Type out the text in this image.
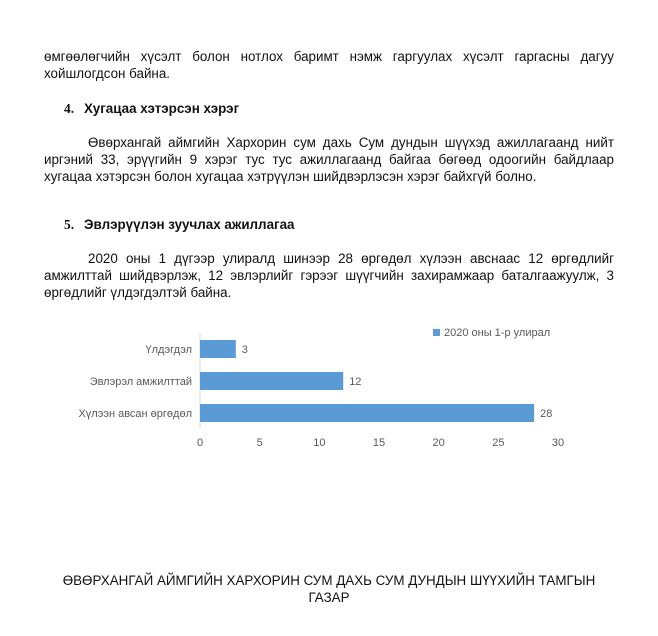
өмгөөлөгчийн хүсэлт болон нотлох баримт нэмж гаргуулах хүсэлт гаргасны дагуу хойшлогдсон байна.

4. Хугацаа хэтэрсэн хэрэг

Өвөрхангай аймгийн Хархорин сум дахь Сум дундын шүүхэд ажиллагаанд нийт иргэний 33, эрүүгийн 9 хэрэг тус тус ажиллагаанд байгаа бөгөөд одоогийн байдлаар хугацаа хэтэрсэн болон хугацаа хэтрүүлэн шийдвэрлэсэн хэрэг байхгүй болно.

5. Эвлэрүүлэн зуучлах ажиллагаа

2020 оны 1 дүгээр улиралд шинээр 28 өргөдөл хүлээн авснаас 12 өргөдлийг амжилттай шийдвэрлэж, 12 эвлэрлийг гэрээг шүүгчийн захирамжаар баталгаажуулж, 3 өргөдлийг үлдэгдэлтэй байна.

Үлдэгдэл	3
Эвлэрэл амжилттай	12
Хүлээн авсан өргөдөл	28
0	5	10	15	20	25	30
2020 оны 1-р улирал

ӨВӨРХАНГАЙ АЙМГИЙН ХАРХОРИН СУМ ДАХЬ СУМ ДУНДЫН ШҮҮХИЙН ТАМГЫН ГАЗАР
